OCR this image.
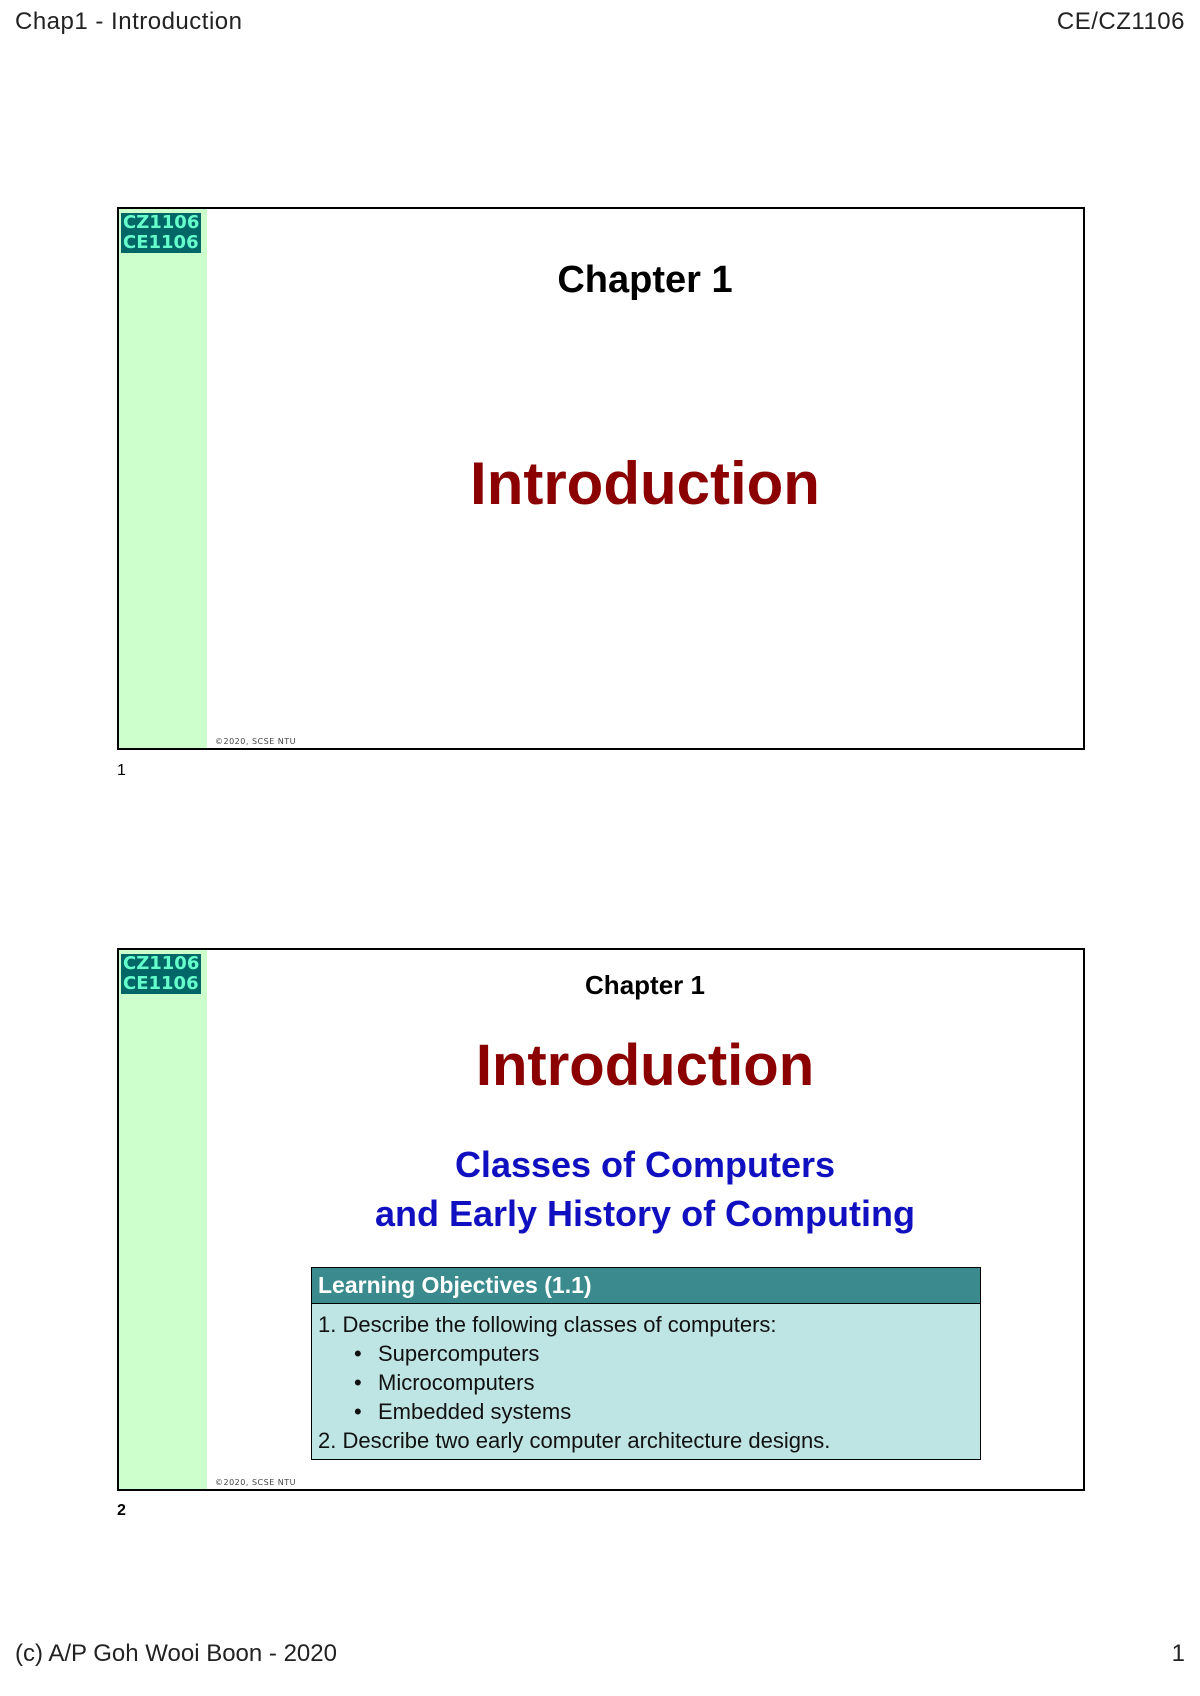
Chap1 - Introduction	CE/CZ1106
CZ1106
CE1106
Chapter 1
Introduction
©2020, SCSE NTU
1
CZ1106
CE1106	Chapter 1
Introduction
Classes of Computers
and Early History of Computing
Learning Objectives (1.1)
1. Describe the following classes of computers:
• Supercomputers
• Microcomputers
• Embedded systems
2. Describe two early computer architecture designs.
©2020, SCSE NTU
2
(c) A/P Goh Wooi Boon - 2020	1
